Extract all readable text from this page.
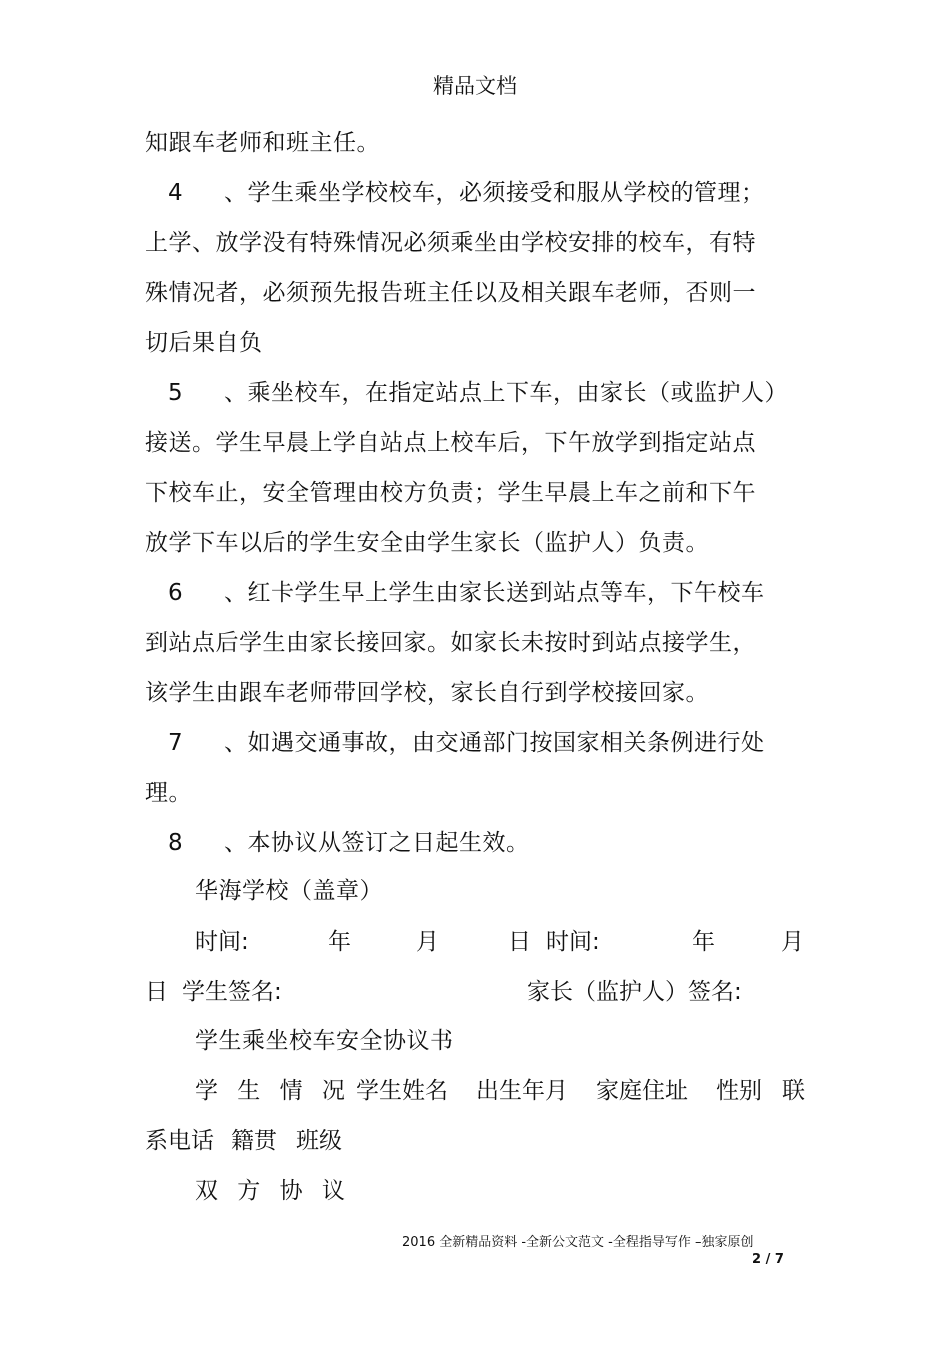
精品文档
知跟车老师和班主任。
4 、学生乘坐学校校车，必须接受和服从学校的管理；
上学、放学没有特殊情况必须乘坐由学校安排的校车，有特
殊情况者，必须预先报告班主任以及相关跟车老师，否则一
切后果自负
5 、乘坐校车，在指定站点上下车，由家长（或监护人）
接送。学生早晨上学自站点上校车后，下午放学到指定站点
下校车止，安全管理由校方负责；学生早晨上车之前和下午
放学下车以后的学生安全由学生家长（监护人）负责。
6 、红卡学生早上学生由家长送到站点等车，下午校车
到站点后学生由家长接回家。如家长未按时到站点接学生，
该学生由跟车老师带回学校，家长自行到学校接回家。
7 、如遇交通事故，由交通部门按国家相关条例进行处
理。
8 、本协议从签订之日起生效。
华海学校（盖章）
时间:	年	月	日 时间:	年	月
日 学生签名:	家长（监护人）签名:
学生乘坐校车安全协议书
学 生 情 况 学生姓名 出生年月 家庭住址 性别 联
系电话 籍贯 班级
双 方 协 议
2016 全新精品资料 -全新公文范文 -全程指导写作 –独家原创
2 / 7
